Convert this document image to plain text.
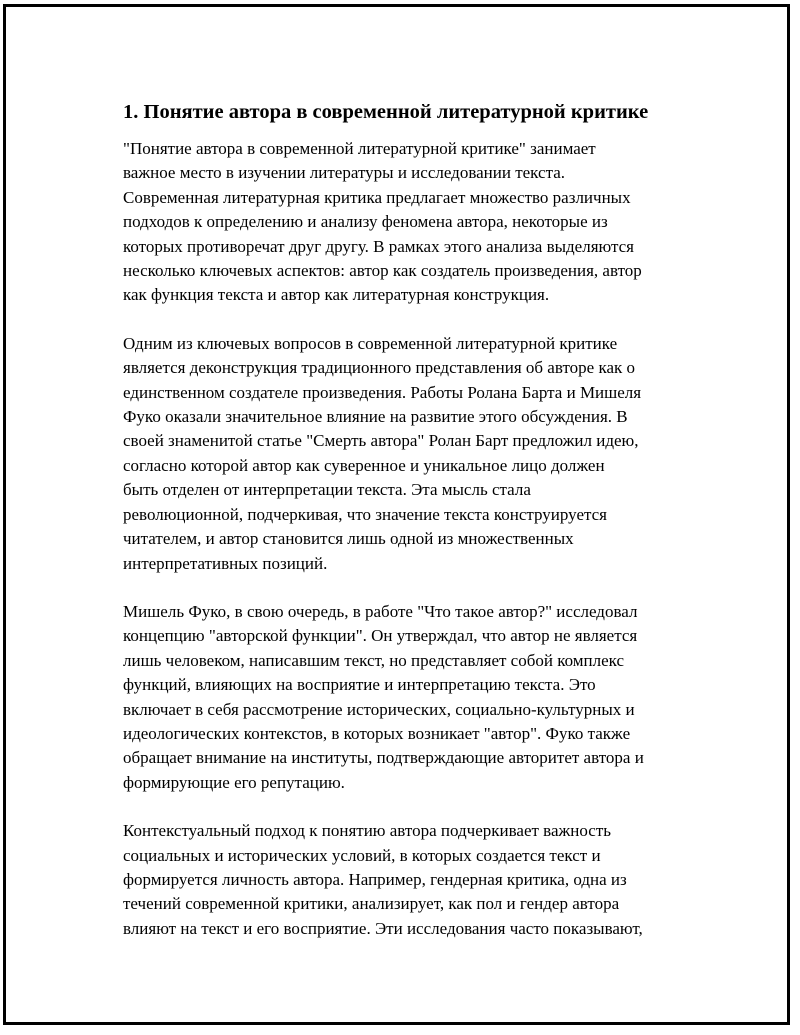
1. Понятие автора в современной литературной критике

"Понятие автора в современной литературной критике" занимает
важное место в изучении литературы и исследовании текста.
Современная литературная критика предлагает множество различных
подходов к определению и анализу феномена автора, некоторые из
которых противоречат друг другу. В рамках этого анализа выделяются
несколько ключевых аспектов: автор как создатель произведения, автор
как функция текста и автор как литературная конструкция.

Одним из ключевых вопросов в современной литературной критике
является деконструкция традиционного представления об авторе как о
единственном создателе произведения. Работы Ролана Барта и Мишеля
Фуко оказали значительное влияние на развитие этого обсуждения. В
своей знаменитой статье "Смерть автора" Ролан Барт предложил идею,
согласно которой автор как суверенное и уникальное лицо должен
быть отделен от интерпретации текста. Эта мысль стала
революционной, подчеркивая, что значение текста конструируется
читателем, и автор становится лишь одной из множественных
интерпретативных позиций.

Мишель Фуко, в свою очередь, в работе "Что такое автор?" исследовал
концепцию "авторской функции". Он утверждал, что автор не является
лишь человеком, написавшим текст, но представляет собой комплекс
функций, влияющих на восприятие и интерпретацию текста. Это
включает в себя рассмотрение исторических, социально-культурных и
идеологических контекстов, в которых возникает "автор". Фуко также
обращает внимание на институты, подтверждающие авторитет автора и
формирующие его репутацию.

Контекстуальный подход к понятию автора подчеркивает важность
социальных и исторических условий, в которых создается текст и
формируется личность автора. Например, гендерная критика, одна из
течений современной критики, анализирует, как пол и гендер автора
влияют на текст и его восприятие. Эти исследования часто показывают,
